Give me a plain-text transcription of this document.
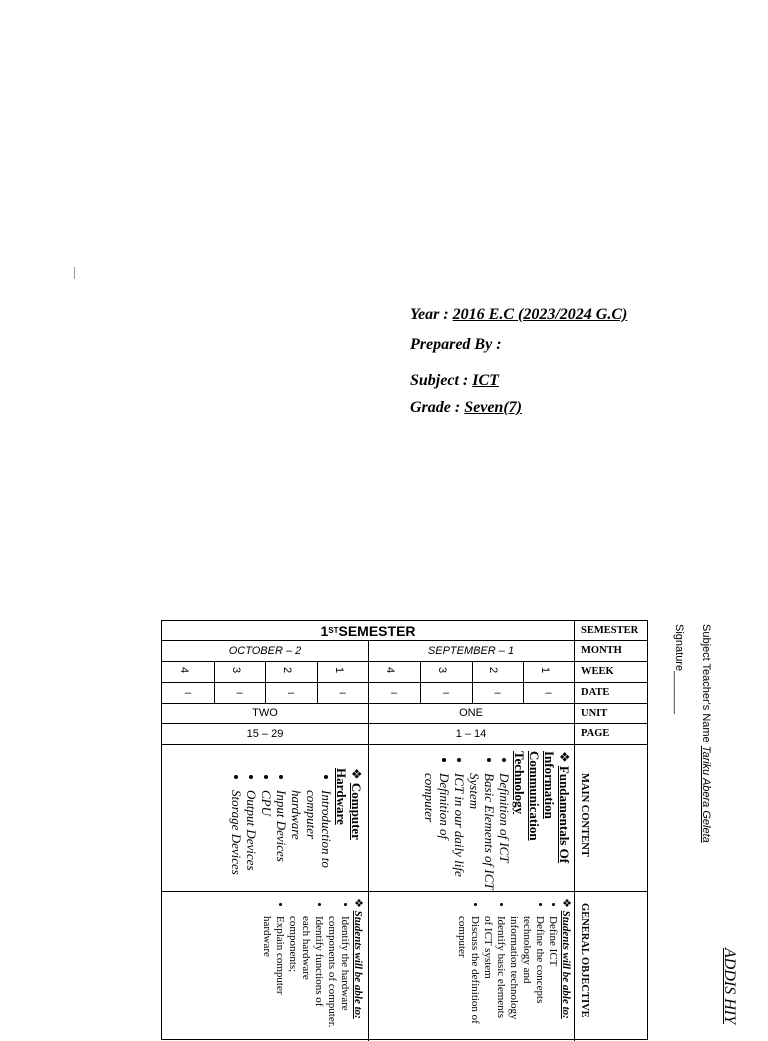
Year : 2016 E.C (2023/2024 G.C)
Prepared By :
Subject : ICT
Grade : Seven(7)
Subject Teacher's Name Tariku Abera Geleta
Signature_______
ADDIS HIY
SEMESTER
MONTH
WEEK
DATE
UNIT
PAGE
MAIN CONTENT
GENERAL OBJECTIVE
1 ST SEMESTER
SEPTEMBER – 1
OCTOBER – 2
1
2
3
4
1
2
3
4
–
–
–
–
–
–
–
–
ONE
TWO
1 – 14
15 – 29
❖ Fundamentals Of Information Communication Technology
• Definition of ICT
• Basic Elements of ICT System
• ICT in our daily life
• Definition of computer
❖ Computer Hardware
• Introduction to computer hardware
• Input Devices
• CPU
• Output Devices
• Storage Devices
❖ Students will be able to:
• Define ICT
• Define the concepts technology and information technology
• Identify basic elements of ICT system
• Discuss the definition of computer
❖ Students will be able to:
• Identify the hardware components of computer.
• Identify functions of each hardware components;
• Explain computer hardware
